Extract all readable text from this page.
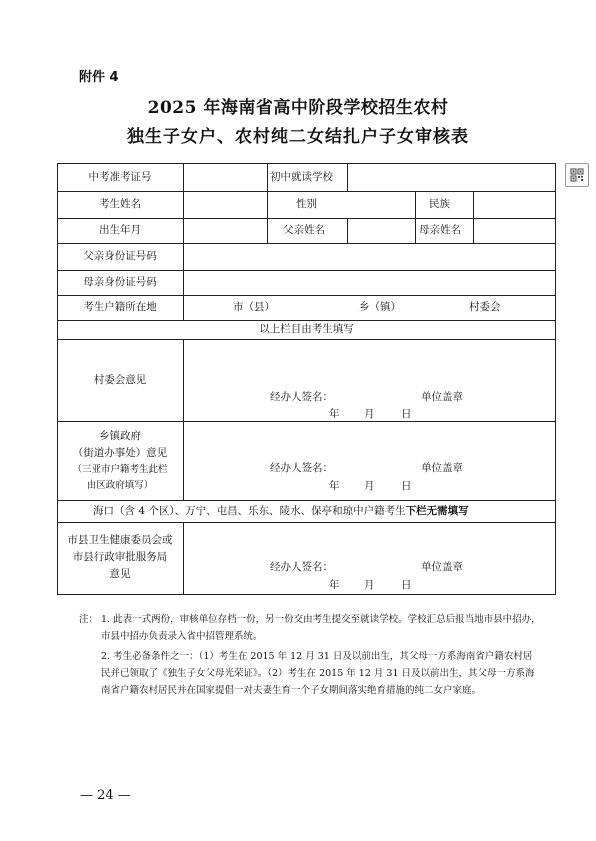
附件 4
2025 年海南省高中阶段学校招生农村
独生子女户、农村纯二女结扎户子女审核表
中考准考证号	初中就读学校
考生姓名	性别	民族
出生年月	父亲姓名	母亲姓名
父亲身份证号码
母亲身份证号码
考生户籍所在地	市（县）	乡（镇）	村委会
以上栏目由考生填写
村委会意见
经办人签名：	单位盖章
年 月	日
乡镇政府
（街道办事处）意见
（三亚市户籍考生此栏
由区政府填写）
经办人签名：	单位盖章
年 月	日
海口（含 4 个区）、万宁、屯昌、乐东、陵水、保亭和琼中户籍考生下栏无需填写
市县卫生健康委员会或
市县行政审批服务局
意见
经办人签名：	单位盖章
年 月	日
注： 1. 此表一式两份，审核单位存档一份，另一份交由考生提交至就读学校。学校汇总后报当地市县中招办，市县中招办负责录入省中招管理系统。
2. 考生必备条件之一：（1）考生在 2015 年 12 月 31 日及以前出生，其父母一方系海南省户籍农村居民并已领取了《独生子女父母光荣证》。（2）考生在 2015 年 12 月 31 日及以前出生，其父母一方系海南省户籍农村居民并在国家提倡一对夫妻生育一个子女期间落实绝育措施的纯二女户家庭。
— 24 —
